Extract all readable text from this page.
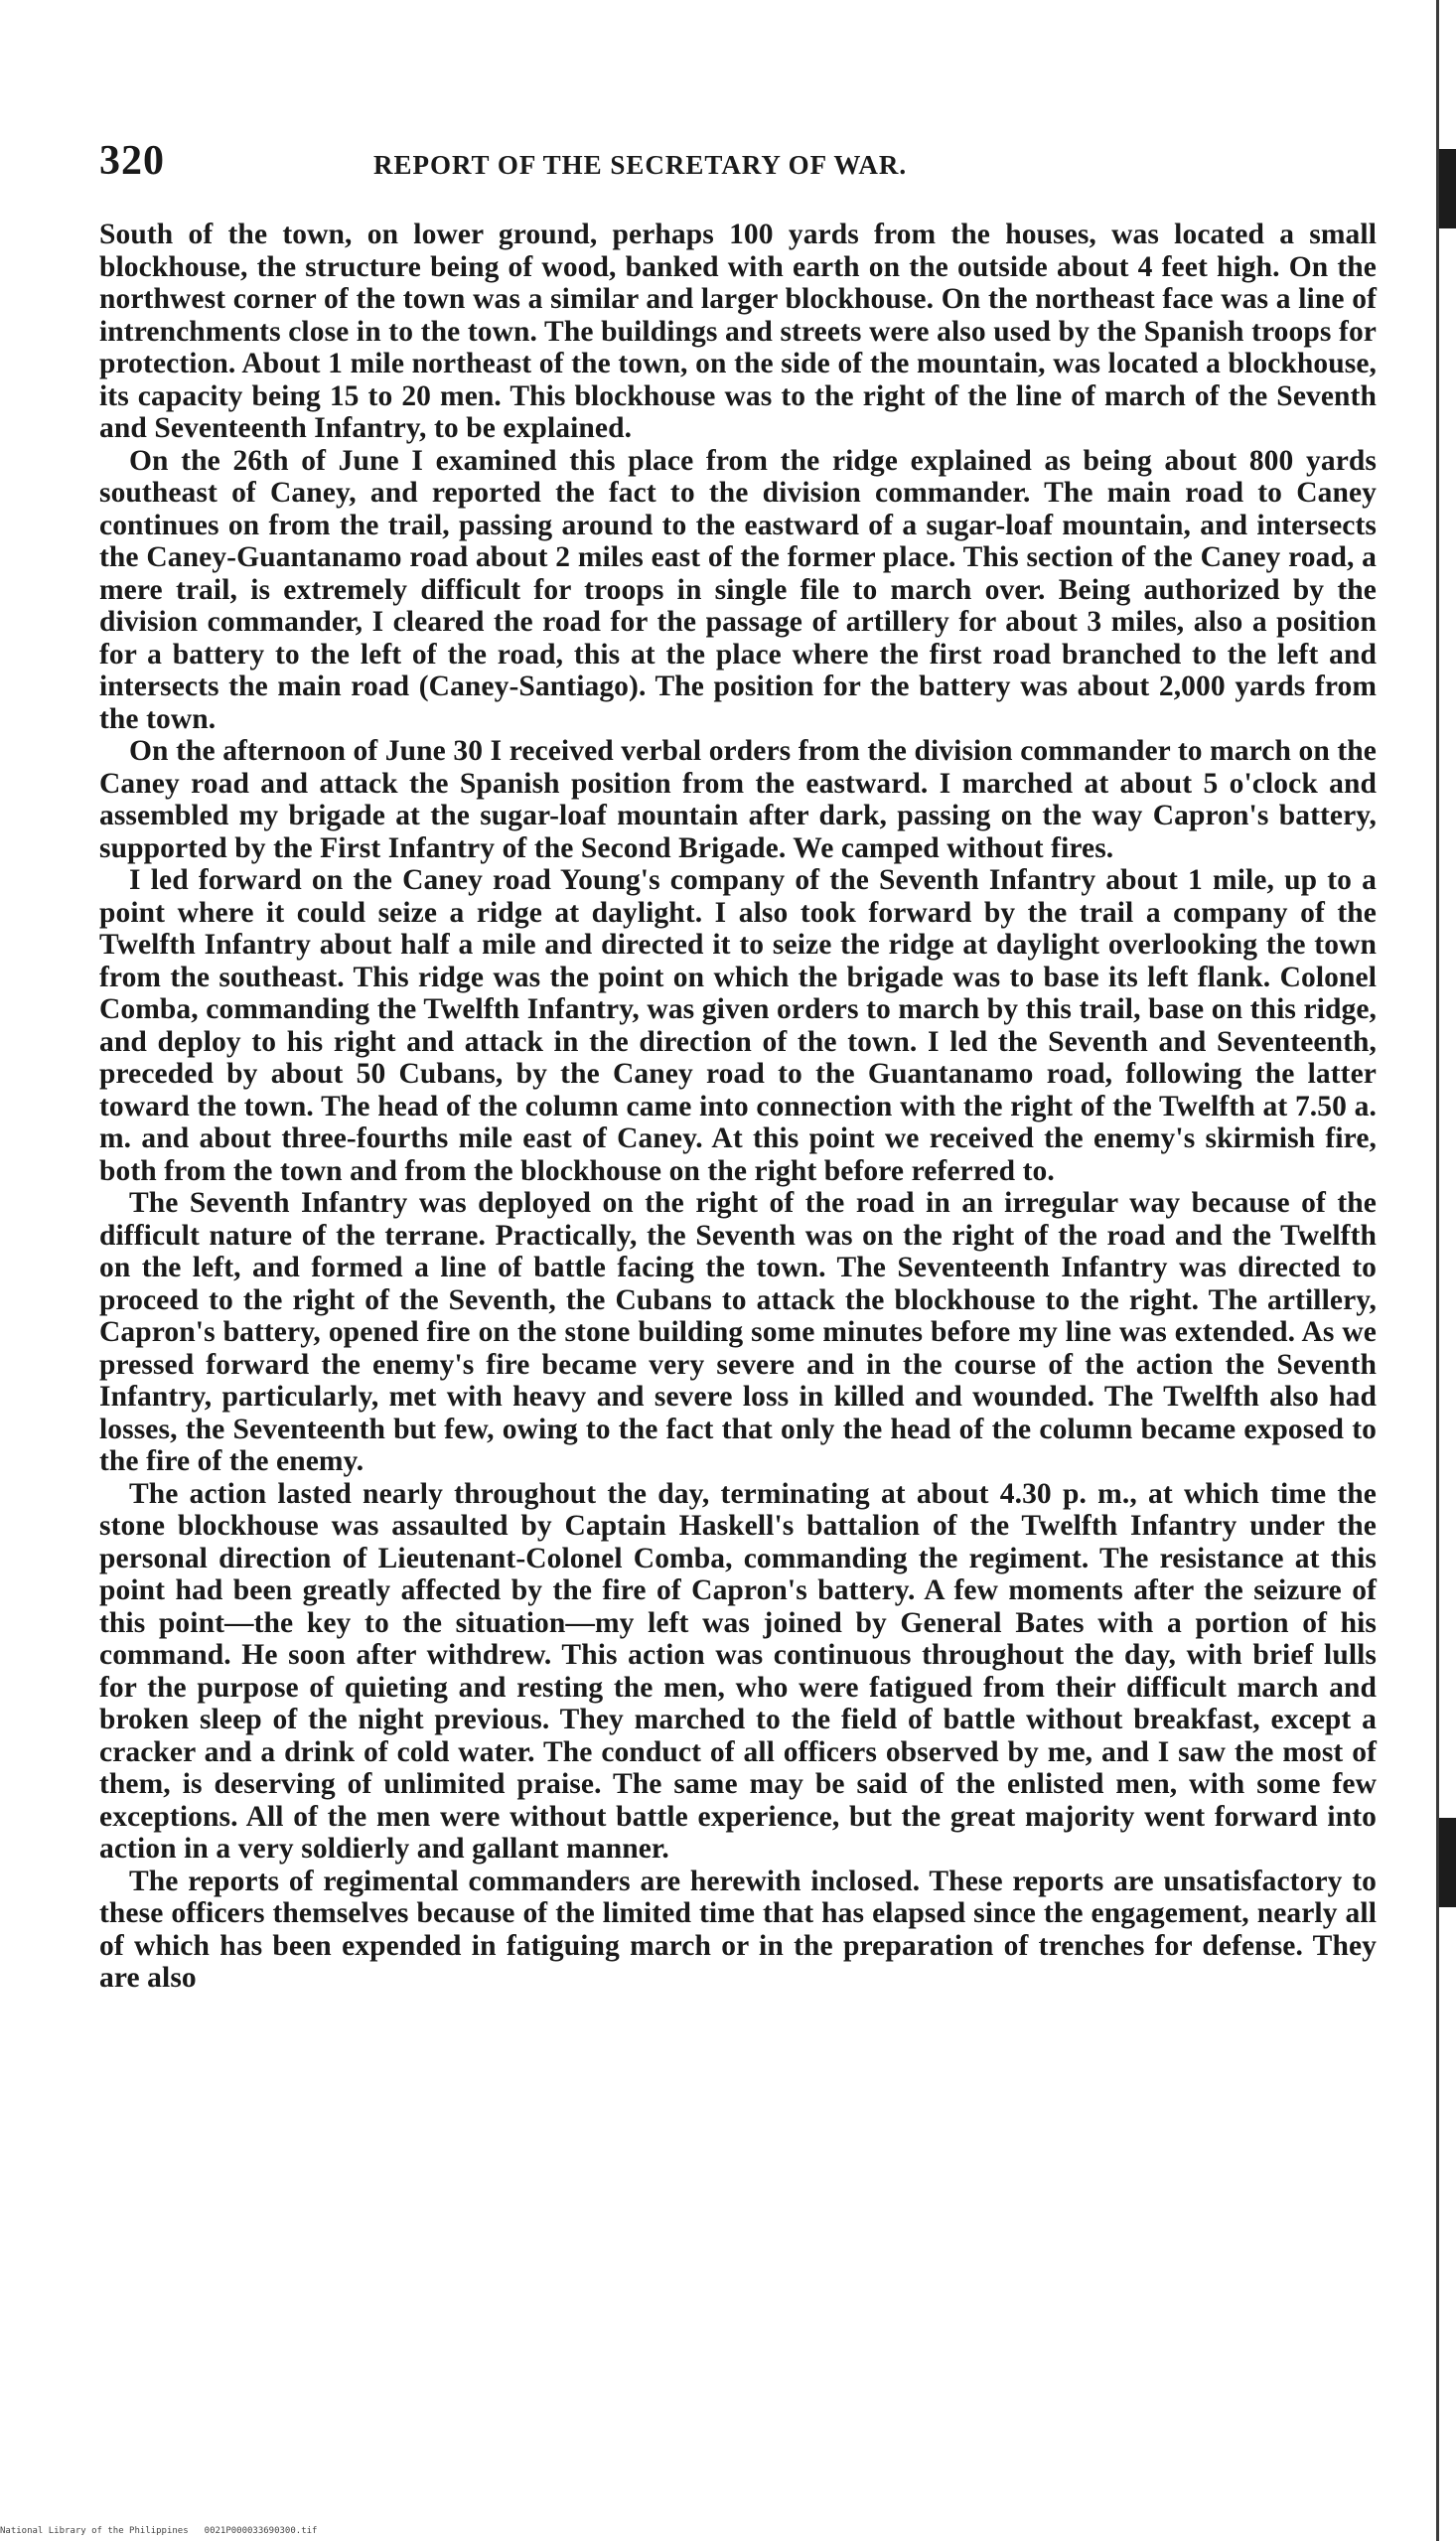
320	REPORT OF THE SECRETARY OF WAR.

South of the town, on lower ground, perhaps 100 yards from the houses, was located a small blockhouse, the structure being of wood, banked with earth on the outside about 4 feet high. On the northwest corner of the town was a similar and larger blockhouse. On the northeast face was a line of intrenchments close in to the town. The buildings and streets were also used by the Spanish troops for protection. About 1 mile northeast of the town, on the side of the mountain, was located a blockhouse, its capacity being 15 to 20 men. This blockhouse was to the right of the line of march of the Seventh and Seventeenth Infantry, to be explained.

On the 26th of June I examined this place from the ridge explained as being about 800 yards southeast of Caney, and reported the fact to the division commander. The main road to Caney continues on from the trail, passing around to the eastward of a sugar-loaf mountain, and intersects the Caney-Guantanamo road about 2 miles east of the former place. This section of the Caney road, a mere trail, is extremely difficult for troops in single file to march over. Being authorized by the division commander, I cleared the road for the passage of artillery for about 3 miles, also a position for a battery to the left of the road, this at the place where the first road branched to the left and intersects the main road (Caney-Santiago). The position for the battery was about 2,000 yards from the town.

On the afternoon of June 30 I received verbal orders from the division commander to march on the Caney road and attack the Spanish position from the eastward. I marched at about 5 o'clock and assembled my brigade at the sugar-loaf mountain after dark, passing on the way Capron's battery, supported by the First Infantry of the Second Brigade. We camped without fires.

I led forward on the Caney road Young's company of the Seventh Infantry about 1 mile, up to a point where it could seize a ridge at daylight. I also took forward by the trail a company of the Twelfth Infantry about half a mile and directed it to seize the ridge at daylight overlooking the town from the southeast. This ridge was the point on which the brigade was to base its left flank. Colonel Comba, commanding the Twelfth Infantry, was given orders to march by this trail, base on this ridge, and deploy to his right and attack in the direction of the town. I led the Seventh and Seventeenth, preceded by about 50 Cubans, by the Caney road to the Guantanamo road, following the latter toward the town. The head of the column came into connection with the right of the Twelfth at 7.50 a. m. and about three-fourths mile east of Caney. At this point we received the enemy's skirmish fire, both from the town and from the blockhouse on the right before referred to.

The Seventh Infantry was deployed on the right of the road in an irregular way because of the difficult nature of the terrane. Practically, the Seventh was on the right of the road and the Twelfth on the left, and formed a line of battle facing the town. The Seventeenth Infantry was directed to proceed to the right of the Seventh, the Cubans to attack the blockhouse to the right. The artillery, Capron's battery, opened fire on the stone building some minutes before my line was extended. As we pressed forward the enemy's fire became very severe and in the course of the action the Seventh Infantry, particularly, met with heavy and severe loss in killed and wounded. The Twelfth also had losses, the Seventeenth but few, owing to the fact that only the head of the column became exposed to the fire of the enemy.

The action lasted nearly throughout the day, terminating at about 4.30 p. m., at which time the stone blockhouse was assaulted by Captain Haskell's battalion of the Twelfth Infantry under the personal direction of Lieutenant-Colonel Comba, commanding the regiment. The resistance at this point had been greatly affected by the fire of Capron's battery. A few moments after the seizure of this point—the key to the situation—my left was joined by General Bates with a portion of his command. He soon after withdrew. This action was continuous throughout the day, with brief lulls for the purpose of quieting and resting the men, who were fatigued from their difficult march and broken sleep of the night previous. They marched to the field of battle without breakfast, except a cracker and a drink of cold water. The conduct of all officers observed by me, and I saw the most of them, is deserving of unlimited praise. The same may be said of the enlisted men, with some few exceptions. All of the men were without battle experience, but the great majority went forward into action in a very soldierly and gallant manner.

The reports of regimental commanders are herewith inclosed. These reports are unsatisfactory to these officers themselves because of the limited time that has elapsed since the engagement, nearly all of which has been expended in fatiguing march or in the preparation of trenches for defense. They are also

National Library of the Philippines 0021P000033690300.tif
